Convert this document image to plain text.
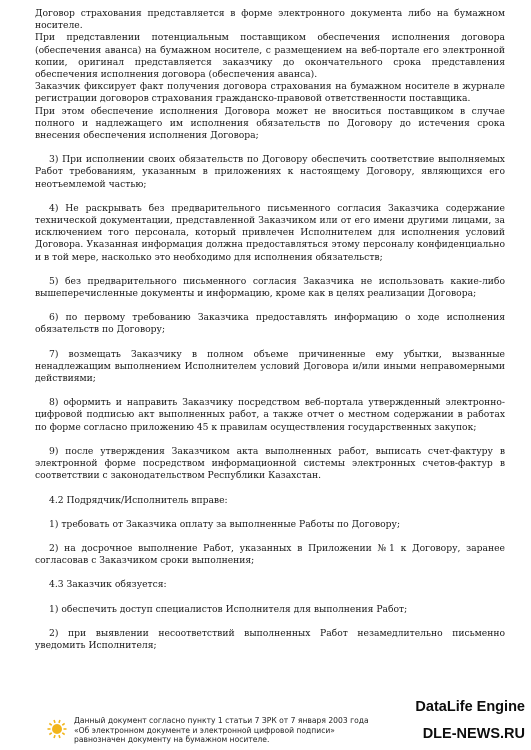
Договор страхования представляется в форме электронного документа либо на бумажном носителе.

При представлении потенциальным поставщиком обеспечения исполнения договора (обеспечения аванса) на бумажном носителе, с размещением на веб-портале его электронной копии, оригинал представляется заказчику до окончательного срока представления обеспечения исполнения договора (обеспечения аванса).

Заказчик фиксирует факт получения договора страхования на бумажном носителе в журнале регистрации договоров страхования гражданско-правовой ответственности поставщика.

При этом обеспечение исполнения Договора может не вноситься поставщиком в случае полного и надлежащего им исполнения обязательств по Договору до истечения срока внесения обеспечения исполнения Договора;

3) При исполнении своих обязательств по Договору обеспечить соответствие выполняемых Работ требованиям, указанным в приложениях к настоящему Договору, являющихся его неотъемлемой частью;

4) Не раскрывать без предварительного письменного согласия Заказчика содержание технической документации, представленной Заказчиком или от его имени другими лицами, за исключением того персонала, который привлечен Исполнителем для исполнения условий Договора. Указанная информация должна предоставляться этому персоналу конфиденциально и в той мере, насколько это необходимо для исполнения обязательств;

5) без предварительного письменного согласия Заказчика не использовать какие-либо вышеперечисленные документы и информацию, кроме как в целях реализации Договора;

6) по первому требованию Заказчика предоставлять информацию о ходе исполнения обязательств по Договору;

7) возмещать Заказчику в полном объеме причиненные ему убытки, вызванные ненадлежащим выполнением Исполнителем условий Договора и/или иными неправомерными действиями;

8) оформить и направить Заказчику посредством веб-портала утвержденный электронно-цифровой подписью акт выполненных работ, а также отчет о местном содержании в работах по форме согласно приложению 45 к правилам осуществления государственных закупок;

9) после утверждения Заказчиком акта выполненных работ, выписать счет-фактуру в электронной форме посредством информационной системы электронных счетов-фактур в соответствии с законодательством Республики Казахстан.

4.2 Подрядчик/Исполнитель вправе:

1) требовать от Заказчика оплату за выполненные Работы по Договору;

2) на досрочное выполнение Работ, указанных в Приложении №1 к Договору, заранее согласовав с Заказчиком сроки выполнения;

4.3 Заказчик обязуется:

1) обеспечить доступ специалистов Исполнителя для выполнения Работ;

2) при выявлении несоответствий выполненных Работ незамедлительно письменно уведомить Исполнителя;

Данный документ согласно пункту 1 статьи 7 ЗРК от 7 января 2003 года «Об электронном документе и электронной цифровой подписи» равнозначен документу на бумажном носителе.
DataLife Engine
DLE-NEWS.RU
